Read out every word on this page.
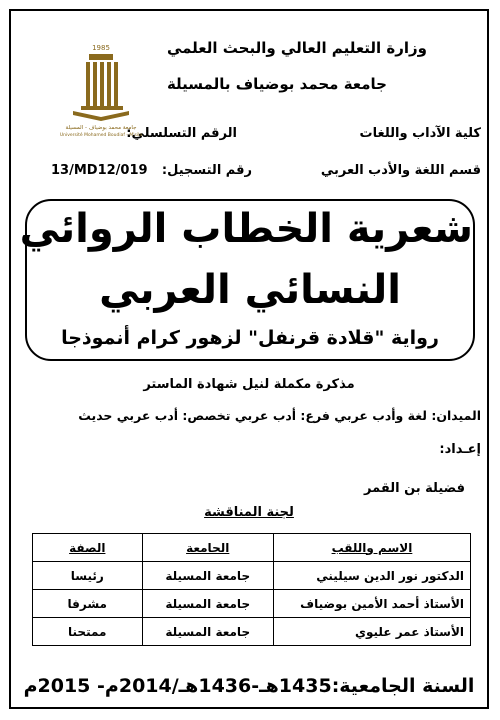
وزارة التعليم العالي والبحث العلمي
جامعة محمد بوضياف بالمسيلة
كلية الآداب واللغات
قسم اللغة والأدب العربي
الرقم التسلسلي:
رقم التسجيل:
13/MD12/019
1985
جامعة محمد بوضياف - المسيلة
Université Mohamed Boudiaf - M'sila
شعرية الخطاب الروائي
النسائي العربي
رواية "قلادة قرنفل" لزهور كرام أنموذجا
مذكرة مكملة لنيل شهادة الماستر
الميدان: لغة وأدب عربي فرع: أدب عربي تخصص: أدب عربي حديث
إعـداد:
فضيلة بن القمر
لجنة المناقشة
الاسم واللقب	الجامعة	الصفة
الدكتور نور الدين سيليني	جامعة المسيلة	رئيسا
الأستاذ أحمد الأمين بوضياف	جامعة المسيلة	مشرفا
الأستاذ عمر عليوي	جامعة المسيلة	ممتحنا
السنة الجامعية:1435هـ-1436هـ/2014م- 2015م
